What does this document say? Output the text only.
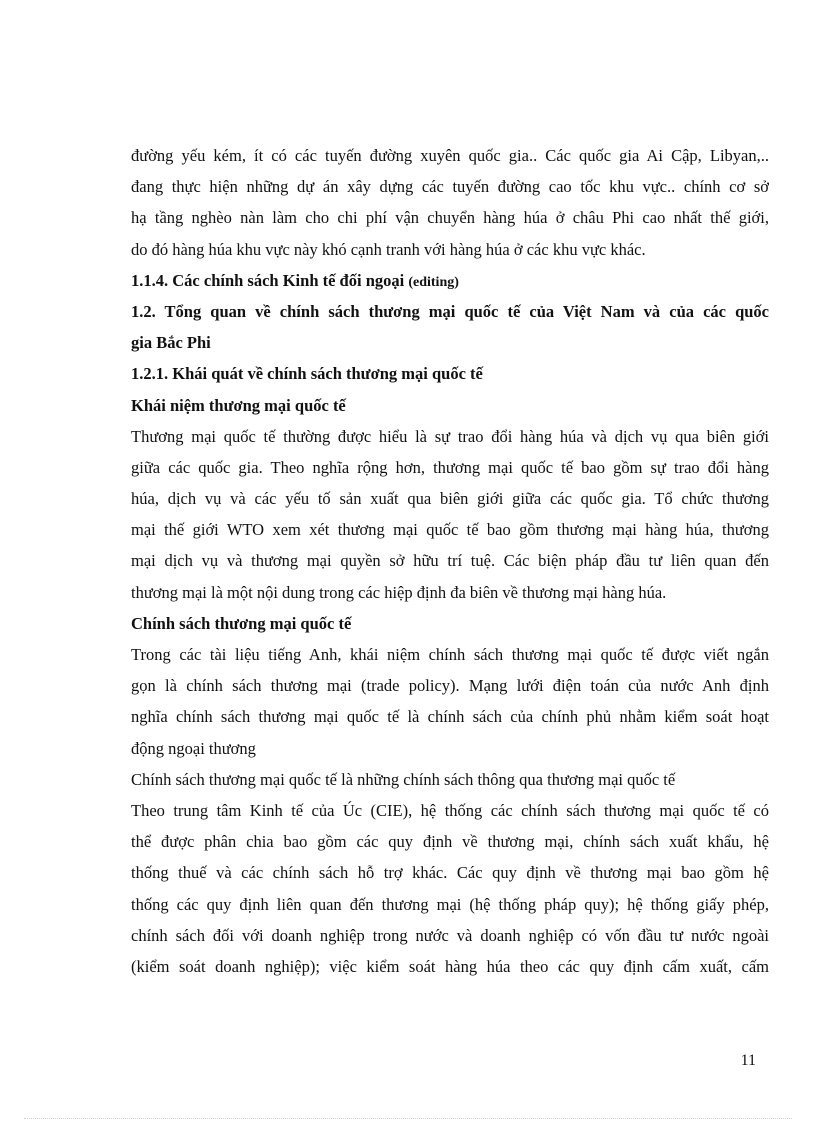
đường yếu kém, ít có các tuyến đường xuyên quốc gia.. Các quốc gia Ai Cập, Libyan,..
đang thực hiện những dự án xây dựng các tuyến đường cao tốc khu vực.. chính cơ sở
hạ tầng nghèo nàn làm cho chi phí vận chuyển hàng húa ở châu Phi cao nhất thế giới,
do đó hàng húa khu vực này khó cạnh tranh với hàng húa ở các khu vực khác.
1.1.4. Các chính sách Kinh tế đối ngoại (editing)
1.2. Tổng quan về chính sách thương mại quốc tế của Việt Nam và của các quốc
gia Bắc Phi
1.2.1. Khái quát về chính sách thương mại quốc tế
Khái niệm thương mại quốc tế
Thương mại quốc tế thường được hiểu là sự trao đổi hàng húa và dịch vụ qua biên giới
giữa các quốc gia. Theo nghĩa rộng hơn, thương mại quốc tế bao gồm sự trao đổi hàng
húa, dịch vụ và các yếu tố sản xuất qua biên giới giữa các quốc gia. Tổ chức thương
mại thế giới WTO xem xét thương mại quốc tế bao gồm thương mại hàng húa, thương
mại dịch vụ và thương mại quyền sở hữu trí tuệ. Các biện pháp đầu tư liên quan đến
thương mại là một nội dung trong các hiệp định đa biên về thương mại hàng húa.
Chính sách thương mại quốc tế
Trong các tài liệu tiếng Anh, khái niệm chính sách thương mại quốc tế được viết ngắn
gọn là chính sách thương mại (trade policy). Mạng lưới điện toán của nước Anh định
nghĩa chính sách thương mại quốc tế là chính sách của chính phủ nhằm kiểm soát hoạt
động ngoại thương
Chính sách thương mại quốc tế là những chính sách thông qua thương mại quốc tế
Theo trung tâm Kinh tế của Úc (CIE), hệ thống các chính sách thương mại quốc tế có
thể được phân chia bao gồm các quy định về thương mại, chính sách xuất khẩu, hệ
thống thuế và các chính sách hỗ trợ khác. Các quy định về thương mại bao gồm hệ
thống các quy định liên quan đến thương mại (hệ thống pháp quy); hệ thống giấy phép,
chính sách đối với doanh nghiệp trong nước và doanh nghiệp có vốn đầu tư nước ngoài
(kiểm soát doanh nghiệp); việc kiểm soát hàng húa theo các quy định cấm xuất, cấm
11
